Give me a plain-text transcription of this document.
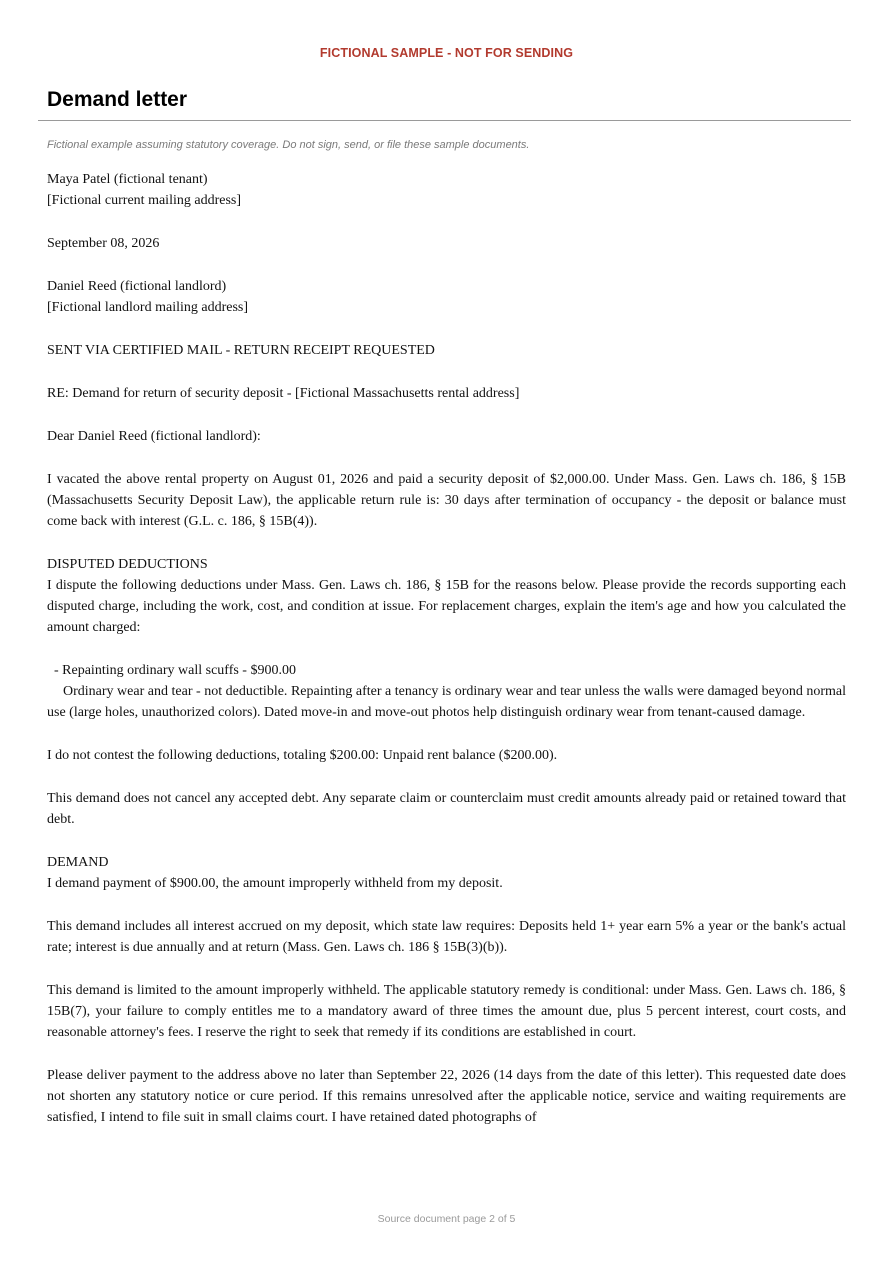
FICTIONAL SAMPLE - NOT FOR SENDING
Demand letter
Fictional example assuming statutory coverage. Do not sign, send, or file these sample documents.

Maya Patel (fictional tenant)
[Fictional current mailing address]

September 08, 2026

Daniel Reed (fictional landlord)
[Fictional landlord mailing address]

SENT VIA CERTIFIED MAIL - RETURN RECEIPT REQUESTED

RE: Demand for return of security deposit - [Fictional Massachusetts rental address]

Dear Daniel Reed (fictional landlord):

I vacated the above rental property on August 01, 2026 and paid a security deposit of $2,000.00. Under Mass. Gen. Laws ch. 186, § 15B (Massachusetts Security Deposit Law), the applicable return rule is: 30 days after termination of occupancy - the deposit or balance must come back with interest (G.L. c. 186, § 15B(4)).

DISPUTED DEDUCTIONS
I dispute the following deductions under Mass. Gen. Laws ch. 186, § 15B for the reasons below. Please provide the records supporting each disputed charge, including the work, cost, and condition at issue. For replacement charges, explain the item's age and how you calculated the amount charged:

- Repainting ordinary wall scuffs - $900.00
Ordinary wear and tear - not deductible. Repainting after a tenancy is ordinary wear and tear unless the walls were damaged beyond normal use (large holes, unauthorized colors). Dated move-in and move-out photos help distinguish ordinary wear from tenant-caused damage.

I do not contest the following deductions, totaling $200.00: Unpaid rent balance ($200.00).

This demand does not cancel any accepted debt. Any separate claim or counterclaim must credit amounts already paid or retained toward that debt.

DEMAND
I demand payment of $900.00, the amount improperly withheld from my deposit.

This demand includes all interest accrued on my deposit, which state law requires: Deposits held 1+ year earn 5% a year or the bank's actual rate; interest is due annually and at return (Mass. Gen. Laws ch. 186 § 15B(3)(b)).

This demand is limited to the amount improperly withheld. The applicable statutory remedy is conditional: under Mass. Gen. Laws ch. 186, § 15B(7), your failure to comply entitles me to a mandatory award of three times the amount due, plus 5 percent interest, court costs, and reasonable attorney's fees. I reserve the right to seek that remedy if its conditions are established in court.

Please deliver payment to the address above no later than September 22, 2026 (14 days from the date of this letter). This requested date does not shorten any statutory notice or cure period. If this remains unresolved after the applicable notice, service and waiting requirements are satisfied, I intend to file suit in small claims court. I have retained dated photographs of

Source document page 2 of 5
